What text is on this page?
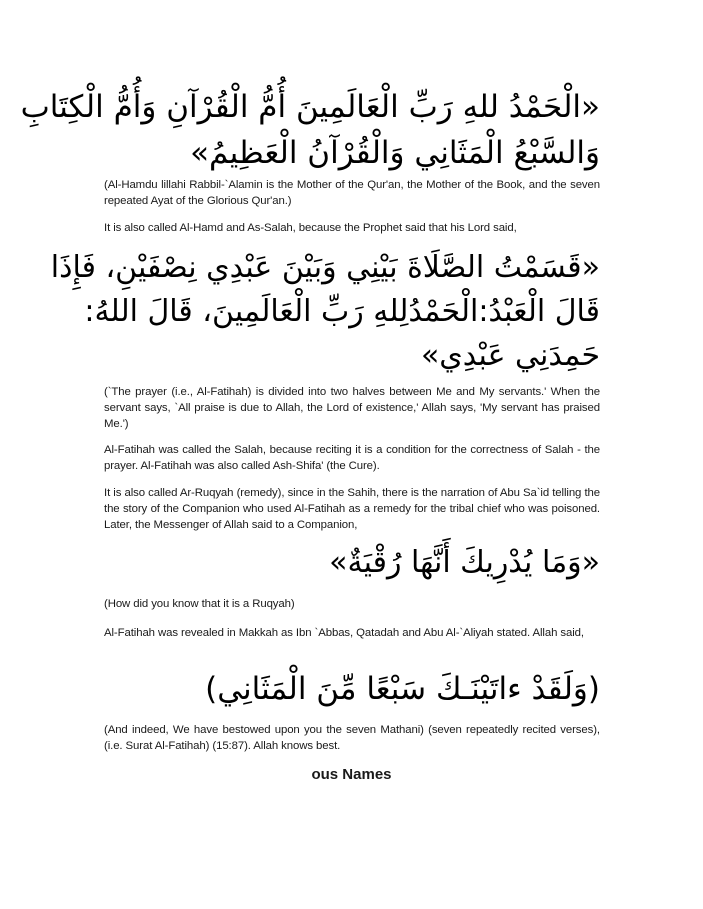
«الْحَمْدُ للهِ رَبِّ الْعَالَمِينَ أُمُّ الْقُرْآنِ وَأُمُّ الْكِتَابِ
وَالسَّبْعُ الْمَثَانِي وَالْقُرْآنُ الْعَظِيمُ»
(Al-Hamdu lillahi Rabbil-`Alamin is the Mother of the Qur'an, the Mother of the Book, and the seven repeated Ayat of the Glorious Qur'an.)
It is also called Al-Hamd and As-Salah, because the Prophet said that his Lord said,
«قَسَمْتُ الصَّلَاةَ بَيْنِي وَبَيْنَ عَبْدِي نِصْفَيْنِ، فَإِذَا
قَالَ الْعَبْدُ:الْحَمْدُلِلهِ رَبِّ الْعَالَمِينَ، قَالَ اللهُ:
حَمِدَنِي عَبْدِي»
(`The prayer (i.e., Al-Fatihah) is divided into two halves between Me and My servants.' When the servant says, `All praise is due to Allah, the Lord of existence,' Allah says, 'My servant has praised Me.')
Al-Fatihah was called the Salah, because reciting it is a condition for the correctness of Salah - the prayer. Al-Fatihah was also called Ash-Shifa' (the Cure).
It is also called Ar-Ruqyah (remedy), since in the Sahih, there is the narration of Abu Sa`id telling the the story of the Companion who used Al-Fatihah as a remedy for the tribal chief who was poisoned. Later, the Messenger of Allah said to a Companion,
«وَمَا يُدْرِيكَ أَنَّهَا رُقْيَةٌ»
(How did you know that it is a Ruqyah)
Al-Fatihah was revealed in Makkah as Ibn `Abbas, Qatadah and Abu Al-`Aliyah stated. Allah said,
(وَلَقَدْ ءاتَيْنَـكَ سَبْعًا مِّنَ الْمَثَانِي)
(And indeed, We have bestowed upon you the seven Mathani) (seven repeatedly recited verses), (i.e. Surat Al-Fatihah) (15:87). Allah knows best.
ous Names
